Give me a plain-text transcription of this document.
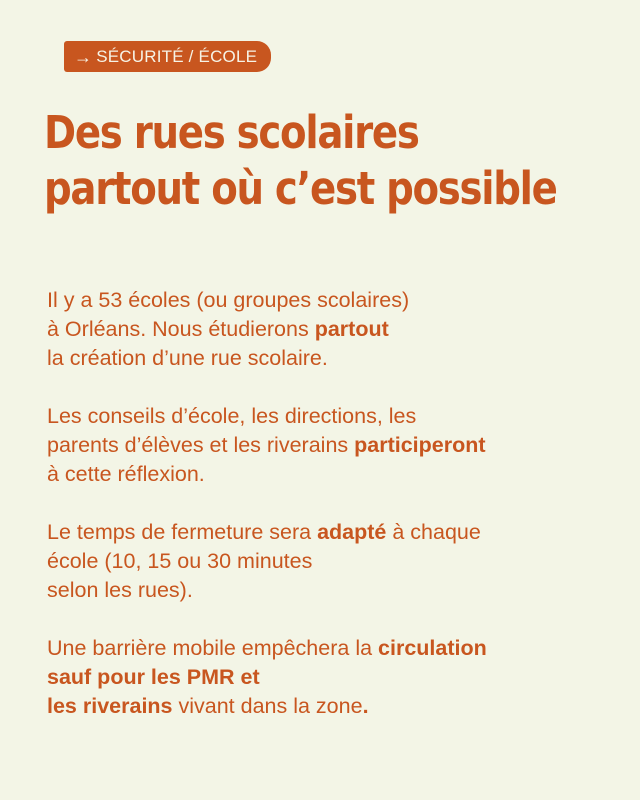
→ SÉCURITÉ / ÉCOLE
Des rues scolaires
partout où c’est possible

Il y a 53 écoles (ou groupes scolaires)
à Orléans. Nous étudierons partout
la création d’une rue scolaire.

Les conseils d’école, les directions, les
parents d’élèves et les riverains participeront
à cette réflexion.

Le temps de fermeture sera adapté à chaque
école (10, 15 ou 30 minutes
selon les rues).

Une barrière mobile empêchera la circulation
sauf pour les PMR et
les riverains vivant dans la zone.
